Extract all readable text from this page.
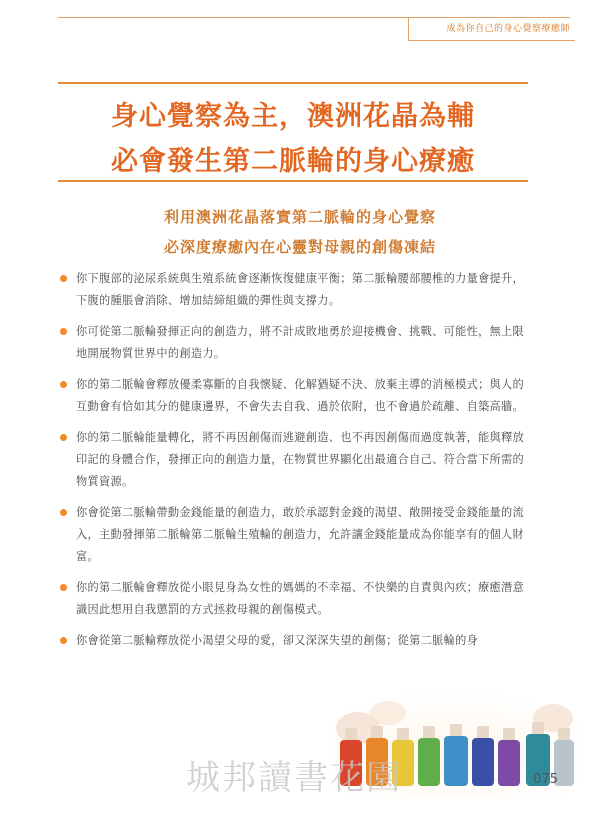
成為你自己的身心覺察療癒師
身心覺察為主，澳洲花晶為輔
必會發生第二脈輪的身心療癒
利用澳洲花晶落實第二脈輪的身心覺察
必深度療癒內在心靈對母親的創傷凍結
你下腹部的泌尿系統與生殖系統會逐漸恢復健康平衡；第二脈輪腰部腰椎的力量會提升，下腹的腫脹會消除、增加結締組織的彈性與支撐力。
你可從第二脈輪發揮正向的創造力，將不計成敗地勇於迎接機會、挑戰、可能性，無上限地開展物質世界中的創造力。
你的第二脈輪會釋放優柔寡斷的自我懷疑、化解猶疑不決、放棄主導的消極模式；與人的互動會有恰如其分的健康邊界，不會失去自我、過於依附，也不會過於疏離、自築高牆。
你的第二脈輪能量轉化，將不再因創傷而逃避創造、也不再因創傷而過度執著，能與釋放印記的身體合作，發揮正向的創造力量，在物質世界顯化出最適合自己、符合當下所需的物質資源。
你會從第二脈輪帶動金錢能量的創造力，敢於承認對金錢的渴望、敞開接受金錢能量的流入，主動發揮第二脈輪第二脈輪生殖輪的創造力，允許讓金錢能量成為你能享有的個人財富。
你的第二脈輪會釋放從小眼見身為女性的媽媽的不幸福、不快樂的自責與內疚；療癒潛意識因此想用自我懲罰的方式拯救母親的創傷模式。
你會從第二脈輪釋放從小渴望父母的愛，卻又深深失望的創傷；從第二脈輪的身
城邦讀書花園	075
